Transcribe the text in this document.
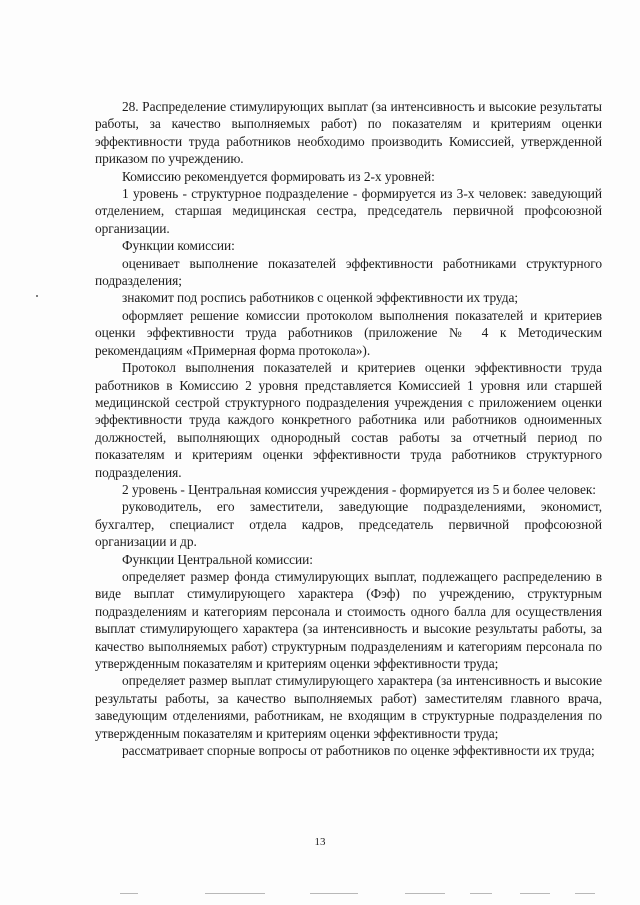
28. Распределение стимулирующих выплат (за интенсивность и высокие результаты работы, за качество выполняемых работ) по показателям и критериям оценки эффективности труда работников необходимо производить Комиссией, утвержденной приказом по учреждению.

Комиссию рекомендуется формировать из 2-х уровней:

1 уровень - структурное подразделение - формируется из 3-х человек: заведующий отделением, старшая медицинская сестра, председатель первичной профсоюзной организации.

Функции комиссии:

оценивает выполнение показателей эффективности работниками структурного подразделения;

знакомит под роспись работников с оценкой эффективности их труда;

оформляет решение комиссии протоколом выполнения показателей и критериев оценки эффективности труда работников (приложение № 4 к Методическим рекомендациям «Примерная форма протокола»).

Протокол выполнения показателей и критериев оценки эффективности труда работников в Комиссию 2 уровня представляется Комиссией 1 уровня или старшей медицинской сестрой структурного подразделения учреждения с приложением оценки эффективности труда каждого конкретного работника или работников одноименных должностей, выполняющих однородный состав работы за отчетный период по показателям и критериям оценки эффективности труда работников структурного подразделения.

2 уровень - Центральная комиссия учреждения - формируется из 5 и более человек:

руководитель, его заместители, заведующие подразделениями, экономист, бухгалтер, специалист отдела кадров, председатель первичной профсоюзной организации и др.

Функции Центральной комиссии:

определяет размер фонда стимулирующих выплат, подлежащего распределению в виде выплат стимулирующего характера (Фэф) по учреждению, структурным подразделениям и категориям персонала и стоимость одного балла для осуществления выплат стимулирующего характера (за интенсивность и высокие результаты работы, за качество выполняемых работ) структурным подразделениям и категориям персонала по утвержденным показателям и критериям оценки эффективности труда;

определяет размер выплат стимулирующего характера (за интенсивность и высокие результаты работы, за качество выполняемых работ) заместителям главного врача, заведующим отделениями, работникам, не входящим в структурные подразделения по утвержденным показателям и критериям оценки эффективности труда;

рассматривает спорные вопросы от работников по оценке эффективности их труда;

13
